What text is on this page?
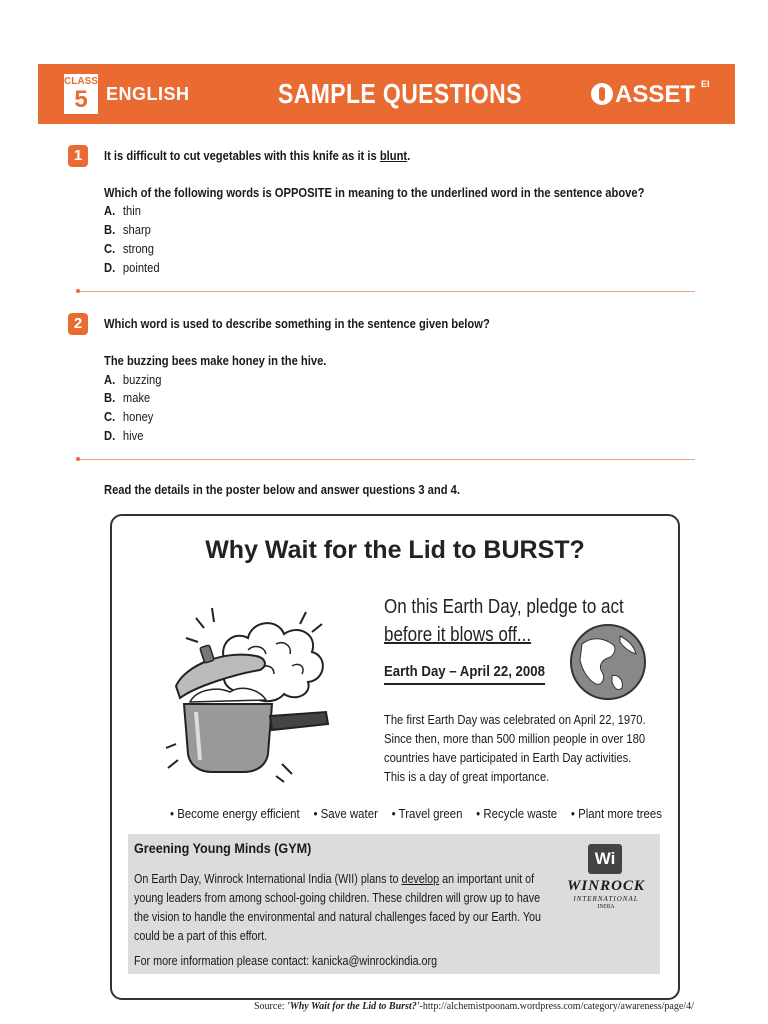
CLASS
5	ENGLISH	SAMPLE QUESTIONS	ASSET EI
1	It is difficult to cut vegetables with this knife as it is blunt.
Which of the following words is OPPOSITE in meaning to the underlined word in the sentence above?
A. thin
B. sharp
C. strong
D. pointed
2	Which word is used to describe something in the sentence given below?
The buzzing bees make honey in the hive.
A. buzzing
B. make
C. honey
D. hive
Read the details in the poster below and answer questions 3 and 4.
Why Wait for the Lid to BURST?
On this Earth Day, pledge to act
before it blows off...
Earth Day – April 22, 2008
The first Earth Day was celebrated on April 22, 1970. Since then, more than 500 million people in over 180 countries have participated in Earth Day activities. This is a day of great importance.
• Become energy efficient • Save water • Travel green • Recycle waste • Plant more trees
Greening Young Minds (GYM)
On Earth Day, Winrock International India (WII) plans to develop an important unit of young leaders from among school-going children. These children will grow up to have the vision to handle the environmental and natural challenges faced by our Earth. You could be a part of this effort.
For more information please contact: kanicka@winrockindia.org
Wi
WINROCK
INTERNATIONAL
INDIA
Source: 'Why Wait for the Lid to Burst?'-http://alchemistpoonam.wordpress.com/category/awareness/page/4/
